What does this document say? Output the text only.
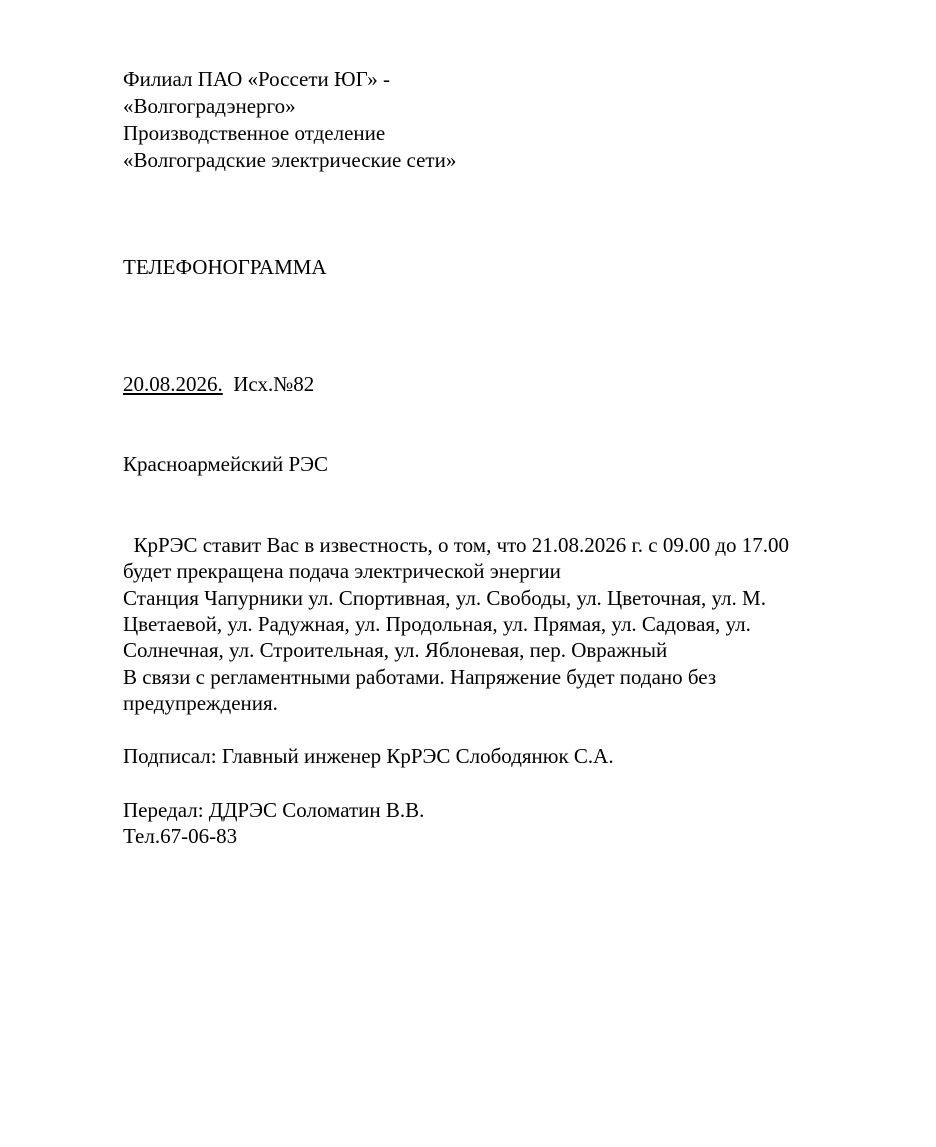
Филиал ПАО «Россети ЮГ» -
«Волгоградэнерго»
Производственное отделение
«Волгоградские электрические сети»
ТЕЛЕФОНОГРАММА
20.08.2026. Исх.№82
Красноармейский РЭС
КрРЭС ставит Вас в известность, о том, что 21.08.2026 г. с 09.00 до 17.00
будет прекращена подача электрической энергии
Станция Чапурники ул. Спортивная, ул. Свободы, ул. Цветочная, ул. М.
Цветаевой, ул. Радужная, ул. Продольная, ул. Прямая, ул. Садовая, ул.
Солнечная, ул. Строительная, ул. Яблоневая, пер. Овражный
В связи с регламентными работами. Напряжение будет подано без
предупреждения.
Подписал: Главный инженер КрРЭС Слободянюк С.А.
Передал: ДДРЭС Соломатин В.В.
Тел.67-06-83
